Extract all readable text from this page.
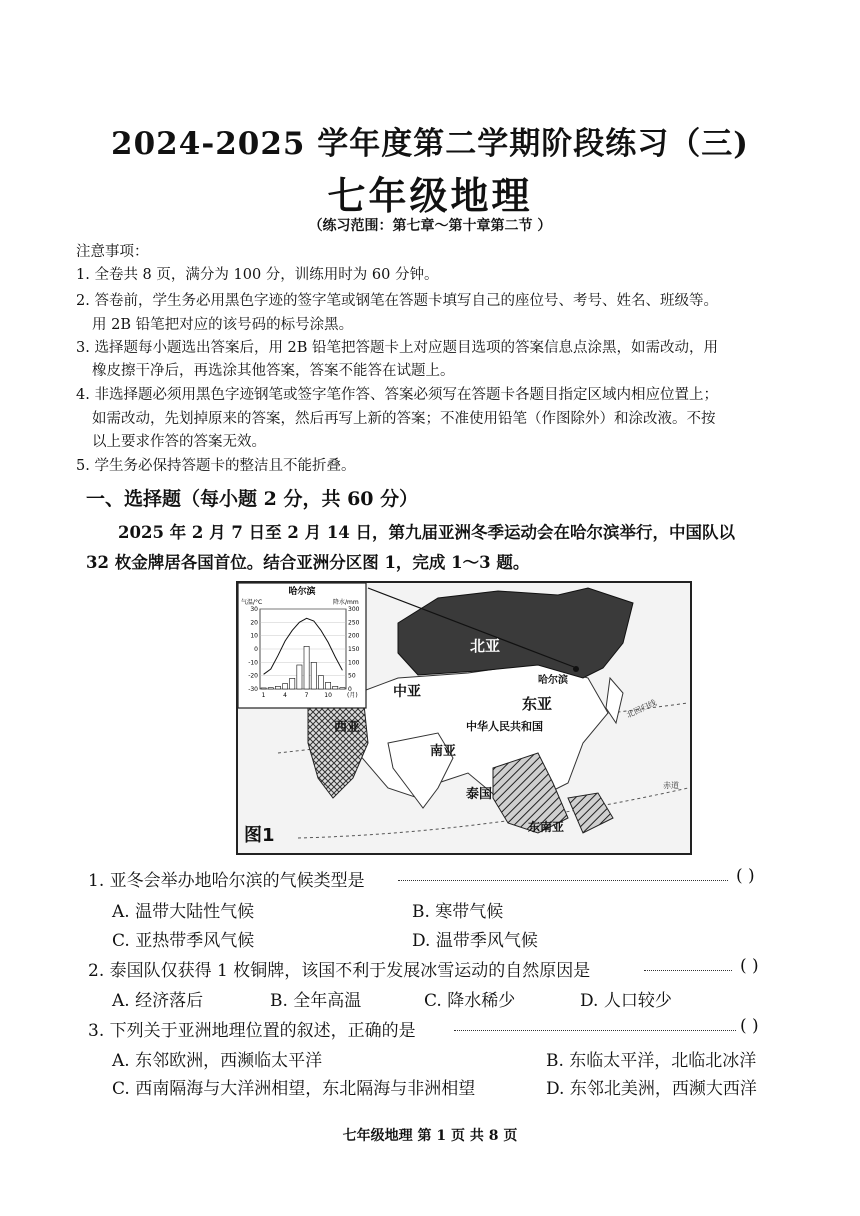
2024-2025 学年度第二学期阶段练习（三)
七年级地理
（练习范围：第七章～第十章第二节 ）
注意事项：
1. 全卷共 8 页，满分为 100 分，训练用时为 60 分钟。
2. 答卷前，学生务必用黑色字迹的签字笔或钢笔在答题卡填写自己的座位号、考号、姓名、班级等。
用 2B 铅笔把对应的该号码的标号涂黑。
3. 选择题每小题选出答案后，用 2B 铅笔把答题卡上对应题目选项的答案信息点涂黑，如需改动，用
橡皮擦干净后，再选涂其他答案，答案不能答在试题上。
4. 非选择题必须用黑色字迹钢笔或签字笔作答、答案必须写在答题卡各题目指定区域内相应位置上；
如需改动，先划掉原来的答案，然后再写上新的答案；不准使用铅笔（作图除外）和涂改液。不按
以上要求作答的答案无效。
5. 学生务必保持答题卡的整洁且不能折叠。
一、选择题（每小题 2 分，共 60 分）
2025 年 2 月 7 日至 2 月 14 日，第九届亚洲冬季运动会在哈尔滨举行，中国队以
32 枚金牌居各国首位。结合亚洲分区图 1，完成 1～3 题。
北亚
中亚
东亚
中华人民共和国
西亚
南亚
泰国
东南亚
哈尔滨
北回归线
赤道
图1
哈尔滨
气温/°C	降水/mm
30	300
20	250
10	200
0	150
-10	100
-20	50
-30	0
1	4	7	10	(月)
1. 亚冬会举办地哈尔滨的气候类型是	( )
A. 温带大陆性气候	B. 寒带气候
C. 亚热带季风气候	D. 温带季风气候
2. 泰国队仅获得 1 枚铜牌，该国不利于发展冰雪运动的自然原因是	( )
A. 经济落后	B. 全年高温	C. 降水稀少	D. 人口较少
3. 下列关于亚洲地理位置的叙述，正确的是	( )
A. 东邻欧洲，西濒临太平洋	B. 东临太平洋，北临北冰洋
C. 西南隔海与大洋洲相望，东北隔海与非洲相望	D. 东邻北美洲，西濒大西洋
七年级地理 第 1 页 共 8 页
